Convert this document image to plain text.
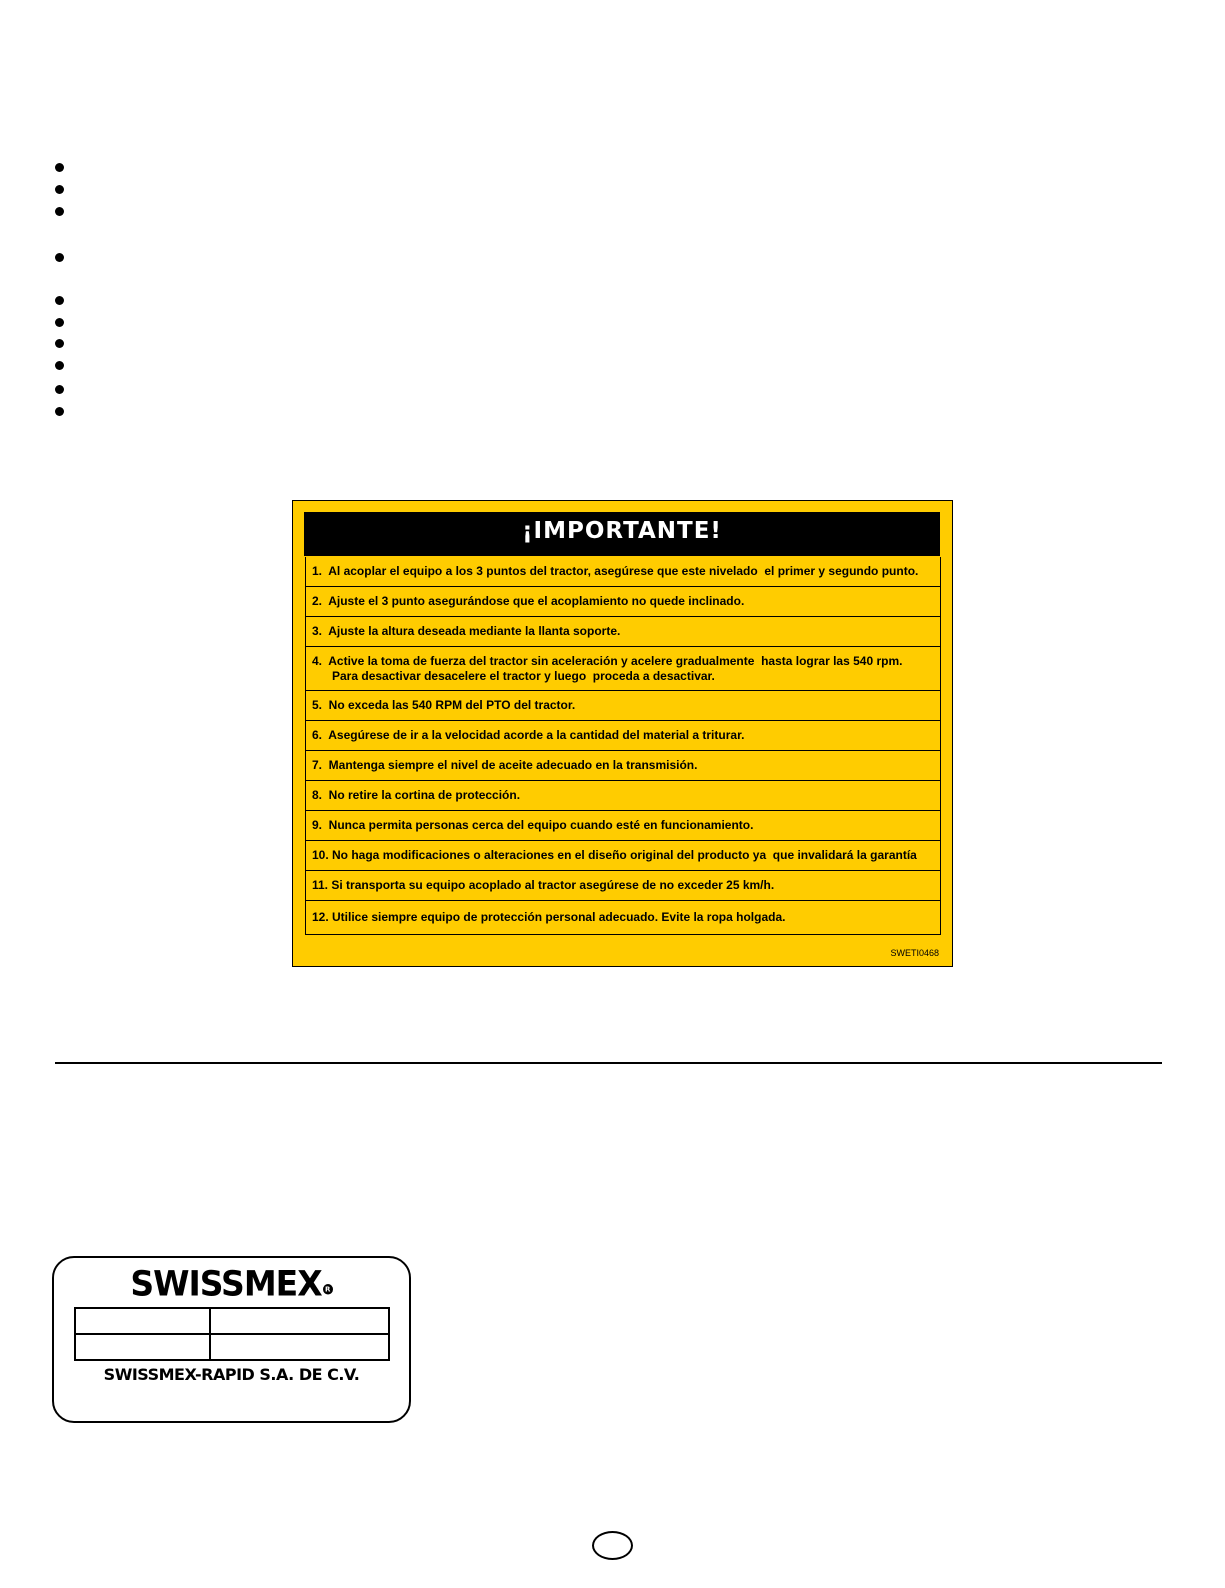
¡IMPORTANTE!
1.  Al acoplar el equipo a los 3 puntos del tractor, asegúrese que este nivelado  el primer y segundo punto.
2.  Ajuste el 3 punto asegurándose que el acoplamiento no quede inclinado.
3.  Ajuste la altura deseada mediante la llanta soporte.
4.  Active la toma de fuerza del tractor sin aceleración y acelere gradualmente  hasta lograr las 540 rpm.
Para desactivar desacelere el tractor y luego  proceda a desactivar.
5.  No exceda las 540 RPM del PTO del tractor.
6.  Asegúrese de ir a la velocidad acorde a la cantidad del material a triturar.
7.  Mantenga siempre el nivel de aceite adecuado en la transmisión.
8.  No retire la cortina de protección.
9.  Nunca permita personas cerca del equipo cuando esté en funcionamiento.
10. No haga modificaciones o alteraciones en el diseño original del producto ya  que invalidará la garantía
11. Si transporta su equipo acoplado al tractor asegúrese de no exceder 25 km/h.
12. Utilice siempre equipo de protección personal adecuado. Evite la ropa holgada.
SWETI0468
SWISSMEX R
SWISSMEX-RAPID S.A. DE C.V.
